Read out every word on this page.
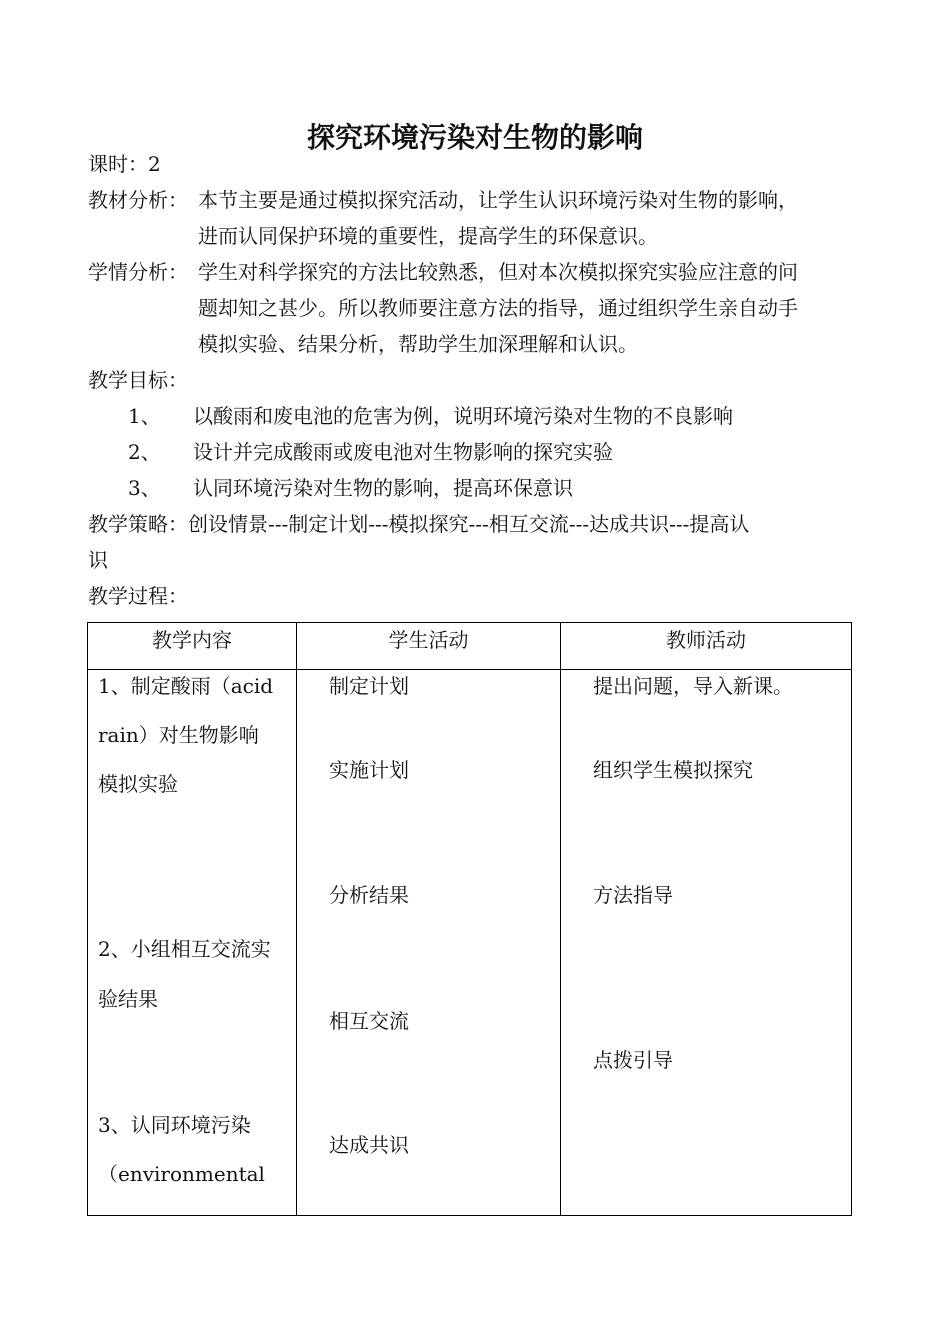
探究环境污染对生物的影响
课时：2
教材分析： 本节主要是通过模拟探究活动，让学生认识环境污染对生物的影响，
进而认同保护环境的重要性，提高学生的环保意识。
学情分析： 学生对科学探究的方法比较熟悉，但对本次模拟探究实验应注意的问
题却知之甚少。所以教师要注意方法的指导，通过组织学生亲自动手
模拟实验、结果分析，帮助学生加深理解和认识。
教学目标：
1、 以酸雨和废电池的危害为例，说明环境污染对生物的不良影响
2、 设计并完成酸雨或废电池对生物影响的探究实验
3、 认同环境污染对生物的影响，提高环保意识
教学策略：创设情景---制定计划---模拟探究---相互交流---达成共识---提高认
识
教学过程：
教学内容	学生活动	教师活动
1、制定酸雨（acid
rain）对生物影响
模拟实验
2、小组相互交流实
验结果
3、认同环境污染
（environmental
制定计划
实施计划
分析结果
相互交流
达成共识
提出问题，导入新课。
组织学生模拟探究
方法指导
点拨引导
